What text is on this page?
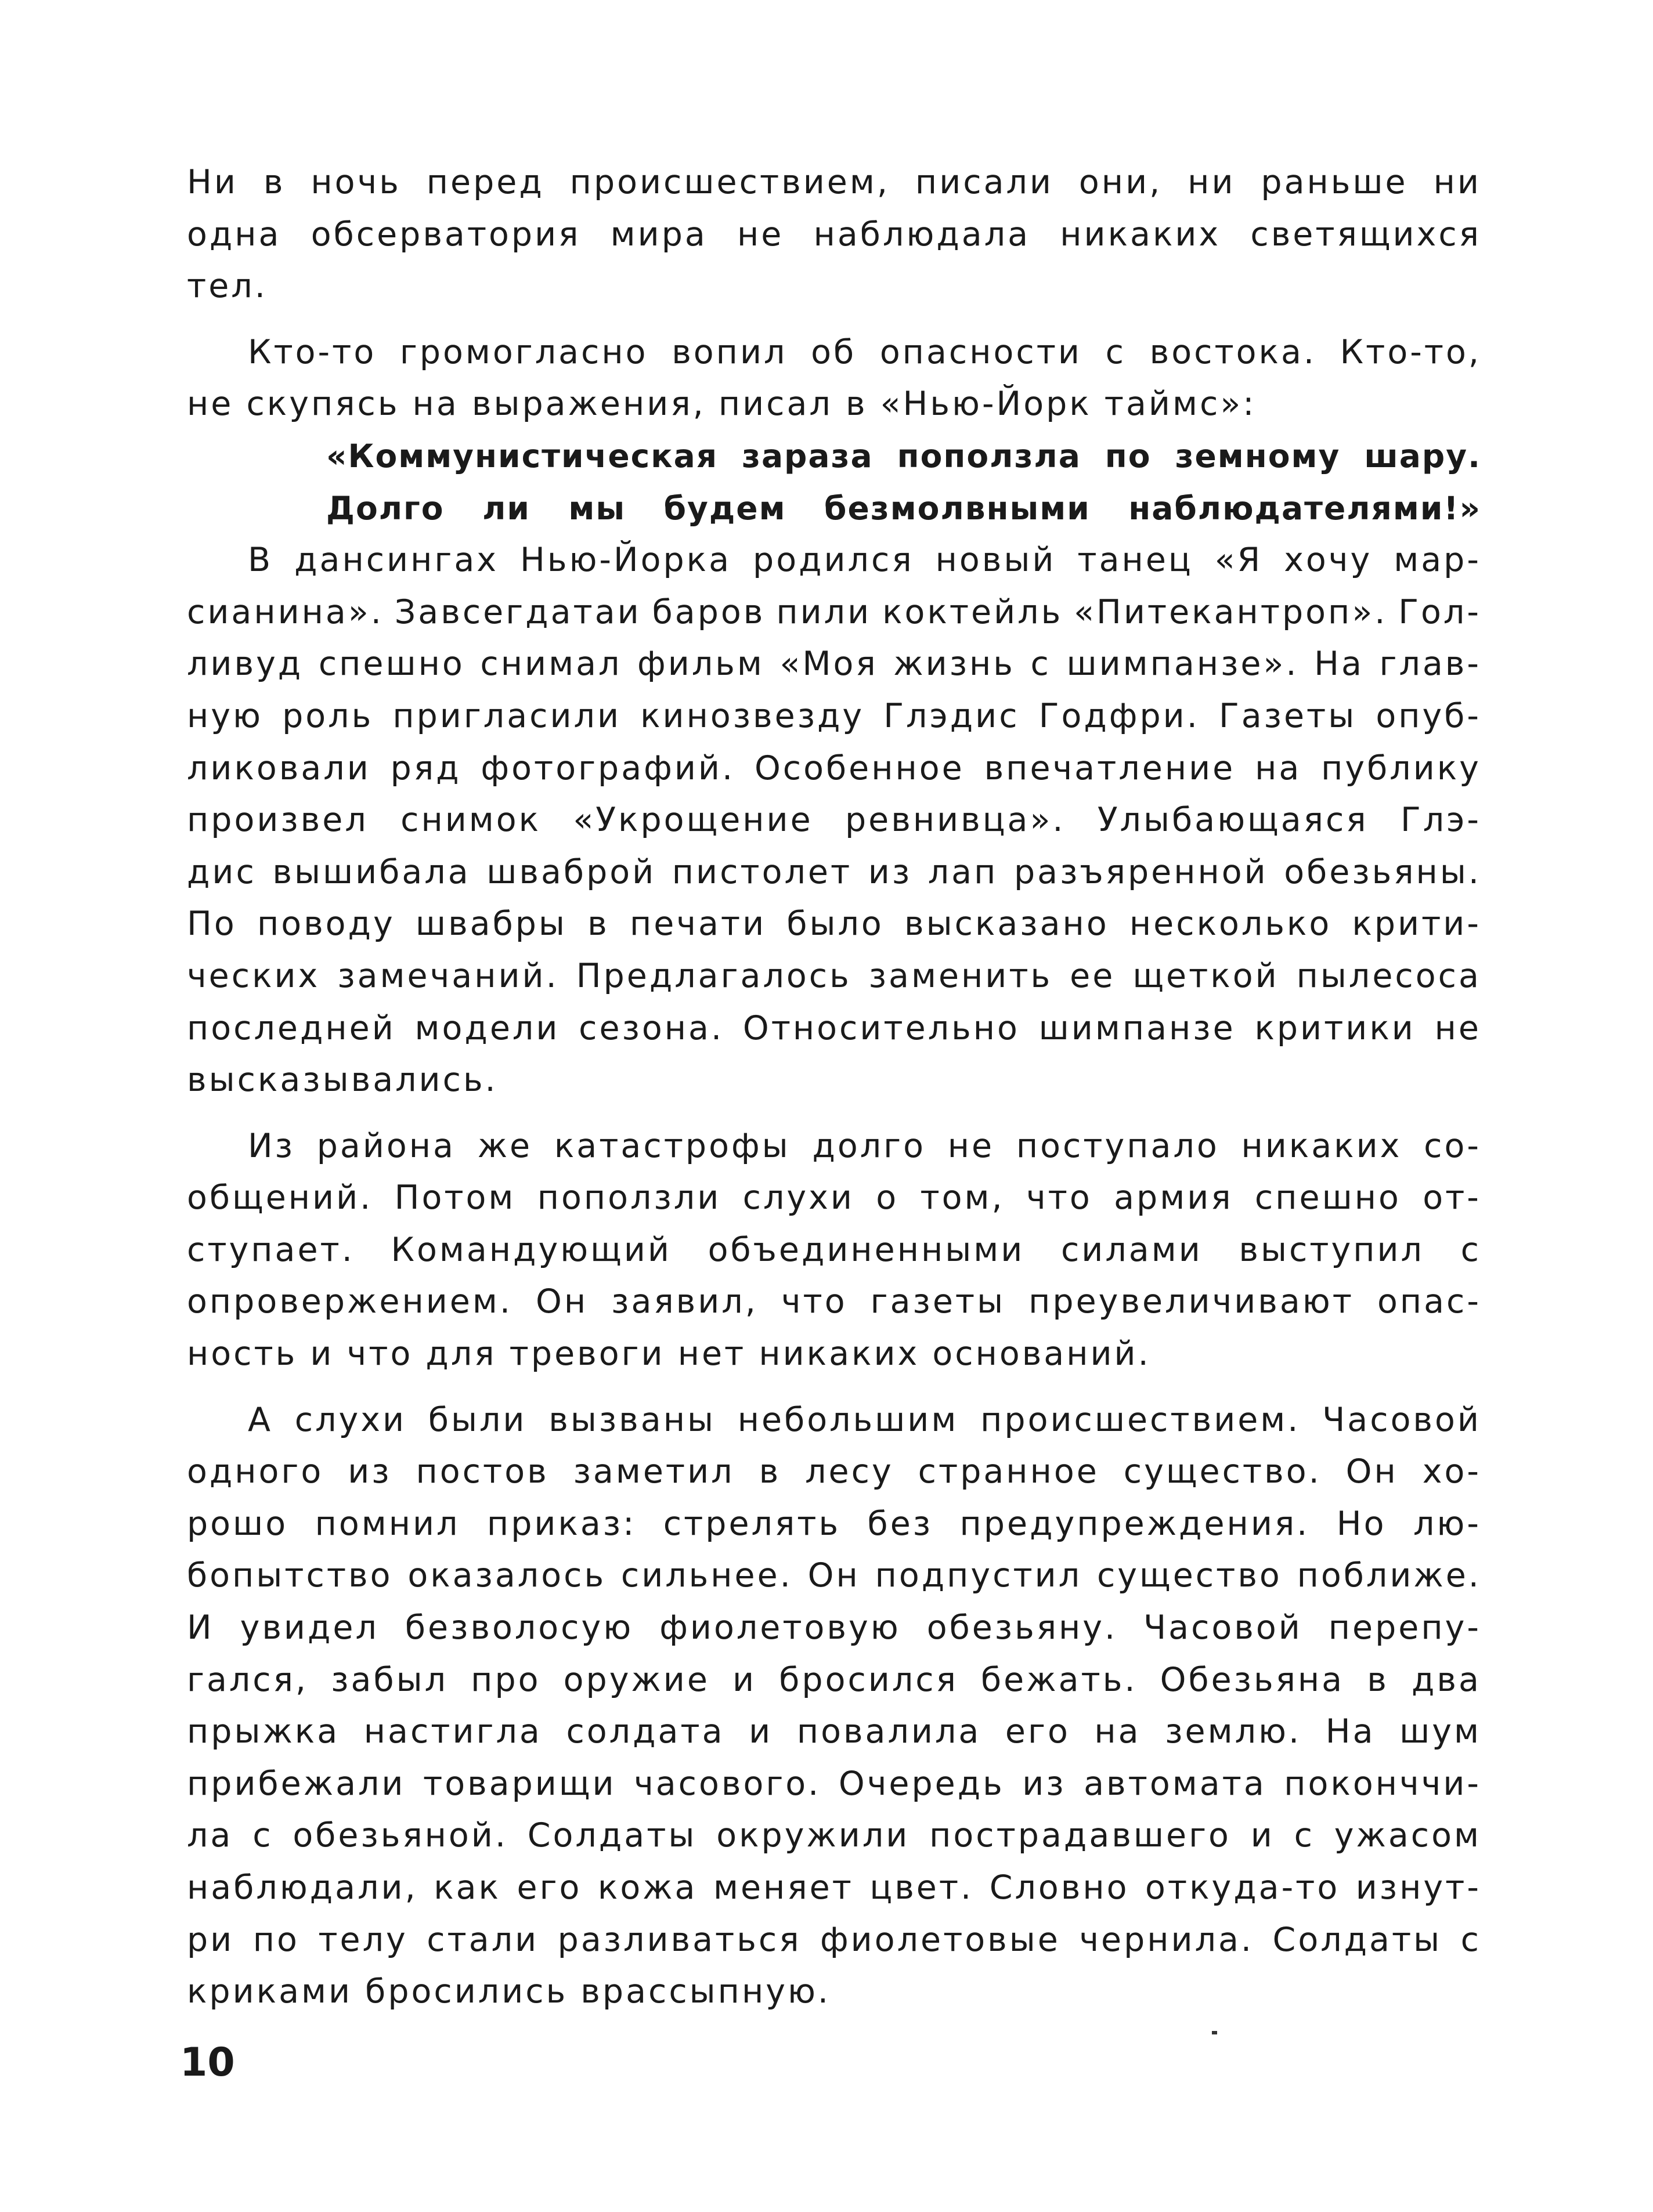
Ни в ночь перед происшествием, писали они, ни раньше ни
одна обсерватория мира не наблюдала никаких светящихся
тел.
Кто-то громогласно вопил об опасности с востока. Кто-то,
не скупясь на выражения, писал в «Нью-Йорк таймс»:
«Коммунистическая зараза поползла по земному шару.
Долго ли мы будем безмолвными наблюдателями!»
В дансингах Нью-Йорка родился новый танец «Я хочу мар-
сианина». Завсегдатаи баров пили коктейль «Питекантроп». Гол-
ливуд спешно снимал фильм «Моя жизнь с шимпанзе». На глав-
ную роль пригласили кинозвезду Глэдис Годфри. Газеты опуб-
ликовали ряд фотографий. Особенное впечатление на публику
произвел снимок «Укрощение ревнивца». Улыбающаяся Глэ-
дис вышибала шваброй пистолет из лап разъяренной обезьяны.
По поводу швабры в печати было высказано несколько крити-
ческих замечаний. Предлагалось заменить ее щеткой пылесоса
последней модели сезона. Относительно шимпанзе критики не
высказывались.
Из района же катастрофы долго не поступало никаких со-
общений. Потом поползли слухи о том, что армия спешно от-
ступает. Командующий объединенными силами выступил с
опровержением. Он заявил, что газеты преувеличивают опас-
ность и что для тревоги нет никаких оснований.
А слухи были вызваны небольшим происшествием. Часовой
одного из постов заметил в лесу странное существо. Он хо-
рошо помнил приказ: стрелять без предупреждения. Но лю-
бопытство оказалось сильнее. Он подпустил существо поближе.
И увидел безволосую фиолетовую обезьяну. Часовой перепу-
гался, забыл про оружие и бросился бежать. Обезьяна в два
прыжка настигла солдата и повалила его на землю. На шум
прибежали товарищи часового. Очередь из автомата поконччи-
ла с обезьяной. Солдаты окружили пострадавшего и с ужасом
наблюдали, как его кожа меняет цвет. Словно откуда-то изнут-
ри по телу стали разливаться фиолетовые чернила. Солдаты с
криками бросились врассыпную.
10
